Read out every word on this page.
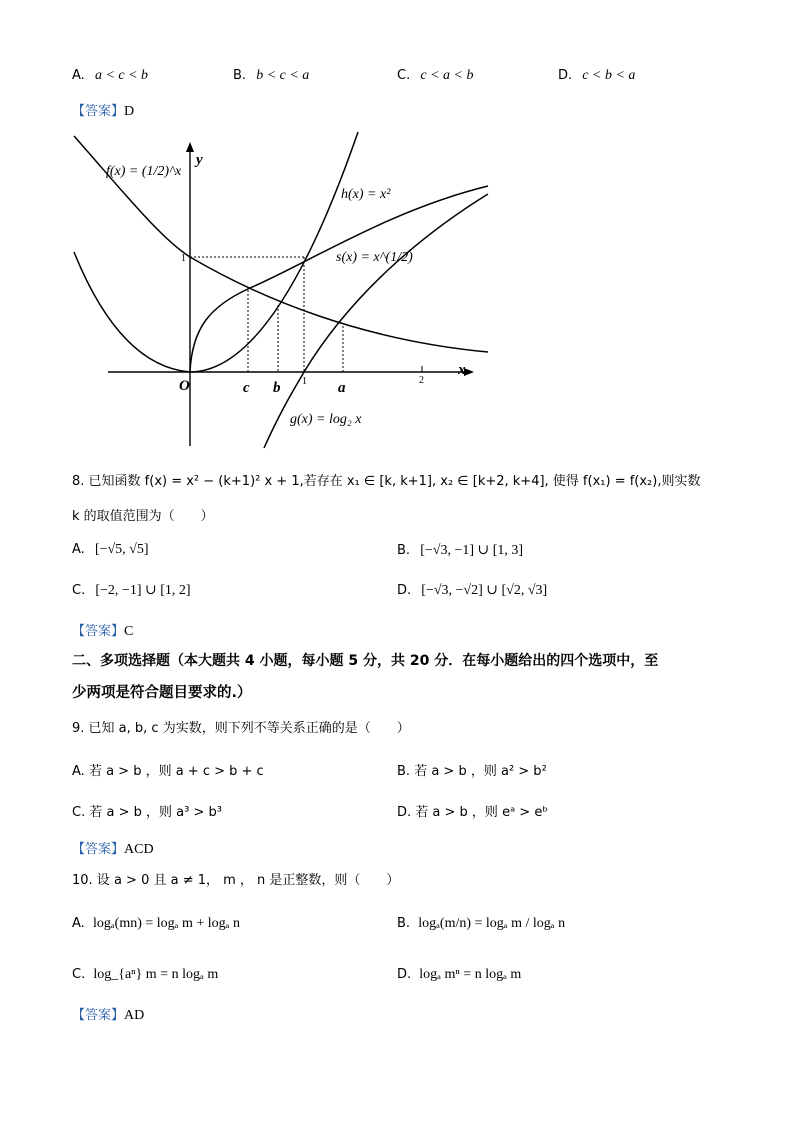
A. a < c < b	B. b < c < a	C. c < a < b	D. c < b < a
【答案】D
f(x) = (1/2)^x
h(x) = x²
s(x) = x^(1/2)
g(x) = log₂ x
y
x
O
1
1	2
c b	a
8. 已知函数 f(x) = x² − (k+1)² x + 1,若存在 x₁ ∈ [k, k+1], x₂ ∈ [k+2, k+4], 使得 f(x₁) = f(x₂),则实数
k 的取值范围为（　　）
A. [−√5, √5]	B. [−√3, −1] ∪ [1, 3]
C. [−2, −1] ∪ [1, 2]	D. [−√3, −√2] ∪ [√2, √3]
【答案】C
二、多项选择题（本大题共 4 小题，每小题 5 分，共 20 分．在每小题给出的四个选项中，至
少两项是符合题目要求的.）
9. 已知 a, b, c 为实数，则下列不等关系正确的是（　　）
A. 若 a > b ，则 a + c > b + c	B. 若 a > b ，则 a² > b²
C. 若 a > b ，则 a³ > b³	D. 若 a > b ，则 eᵃ > eᵇ
【答案】ACD
10. 设 a > 0 且 a ≠ 1， m ， n 是正整数，则（　　）
A. logₐ(mn) = logₐ m + logₐ n	B. logₐ(m/n) = logₐ m / logₐ n
C. log_{aⁿ} m = n logₐ m	D. logₐ mⁿ = n logₐ m
【答案】AD
